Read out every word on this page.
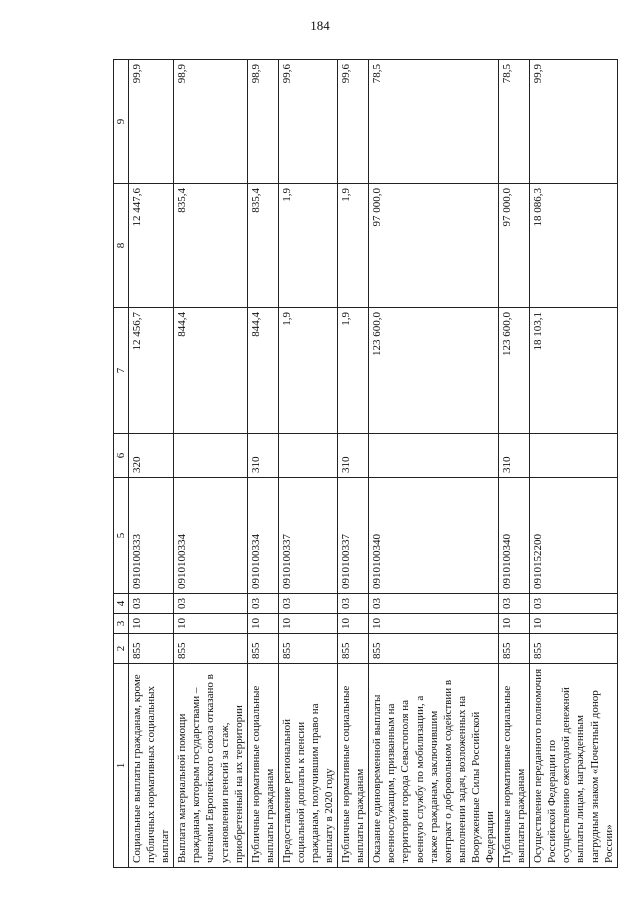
184
1	2	3	4	5	6	7	8	9
Социальные выплаты гражданам, кроме публичных нормативных социальных выплат	855	10	03	0910100333	320	12 456,7	12 447,6	99,9
Выплата материальной помощи гражданам, которым государствами – членами Европейского союза отказано в установлении пенсий за стаж, приобретенный на их территории	855	10	03	0910100334		844,4	835,4	98,9
Публичные нормативные социальные выплаты гражданам	855	10	03	0910100334	310	844,4	835,4	98,9
Предоставление региональной социальной доплаты к пенсии гражданам, получившим право на выплату в 2020 году	855	10	03	0910100337		1,9	1,9	99,6
Публичные нормативные социальные выплаты гражданам	855	10	03	0910100337	310	1,9	1,9	99,6
Оказание единовременной выплаты военнослужащим, призванным на территории города Севастополя на военную службу по мобилизации, а также гражданам, заключившим контракт о добровольном содействии в выполнении задач, возложенных на Вооруженные Силы Российской Федерации	855	10	03	0910100340		123 600,0	97 000,0	78,5
Публичные нормативные социальные выплаты гражданам	855	10	03	0910100340	310	123 600,0	97 000,0	78,5
Осуществление переданного полномочия Российской Федерации по осуществлению ежегодной денежной выплаты лицам, награжденным нагрудным знаком «Почетный донор России»	855	10	03	0910152200		18 103,1	18 086,3	99,9
